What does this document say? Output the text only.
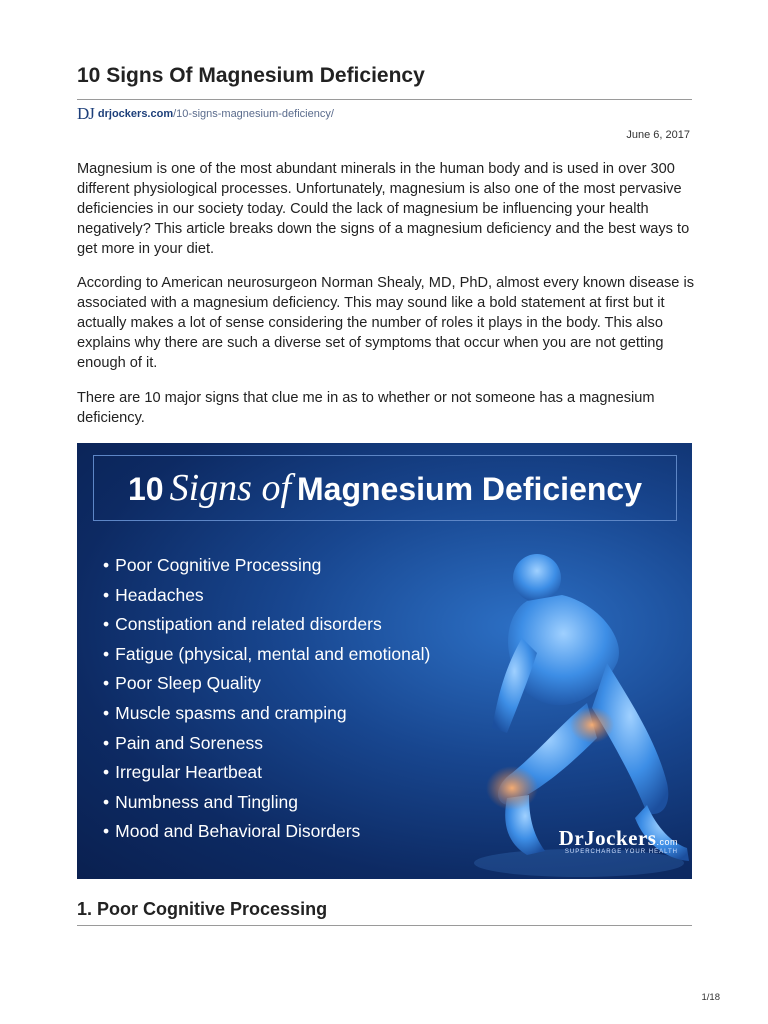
10 Signs Of Magnesium Deficiency
DJ drjockers.com /10-signs-magnesium-deficiency/
June 6, 2017

Magnesium is one of the most abundant minerals in the human body and is used in over 300 different physiological processes. Unfortunately, magnesium is also one of the most pervasive deficiencies in our society today. Could the lack of magnesium be influencing your health negatively? This article breaks down the signs of a magnesium deficiency and the best ways to get more in your diet.

According to American neurosurgeon Norman Shealy, MD, PhD, almost every known disease is associated with a magnesium deficiency. This may sound like a bold statement at first but it actually makes a lot of sense considering the number of roles it plays in the body. This also explains why there are such a diverse set of symptoms that occur when you are not getting enough of it.

There are 10 major signs that clue me in as to whether or not someone has a magnesium deficiency.

10 Signs of Magnesium Deficiency
• Poor Cognitive Processing
• Headaches
• Constipation and related disorders
• Fatigue (physical, mental and emotional)
• Poor Sleep Quality
• Muscle spasms and cramping
• Pain and Soreness
• Irregular Heartbeat
• Numbness and Tingling
• Mood and Behavioral Disorders	DrJockers.com
SUPERCHARGE YOUR HEALTH
1. Poor Cognitive Processing
1/18
